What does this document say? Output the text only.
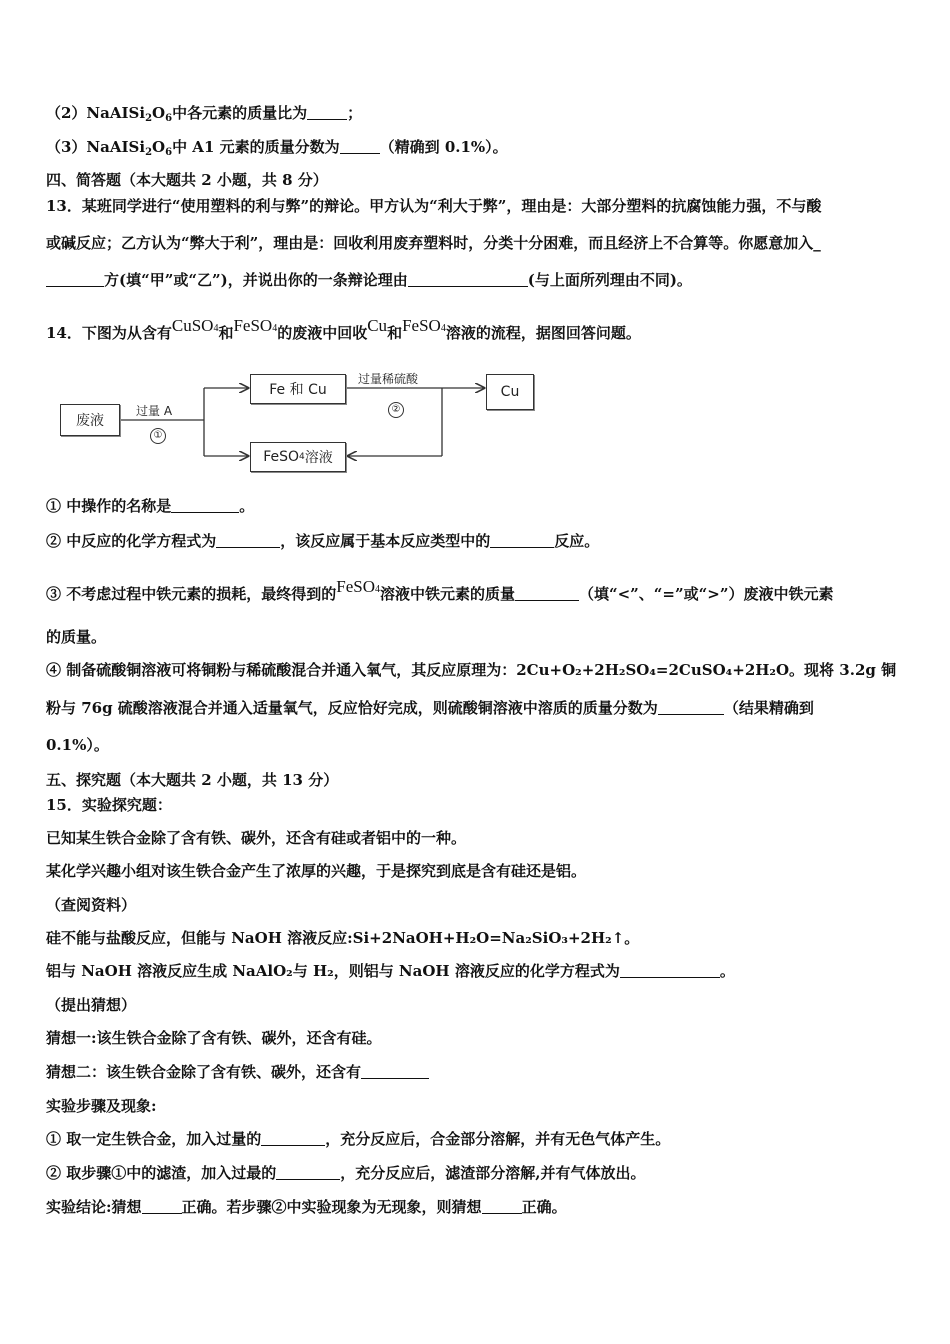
$(2)NaAISi_2O_6$中各元素的质量比为	；
$(3)NaAISi_2O_6$中 A1 元素的质量分数为	（精确到 0.1%）。
四、简答题（本大题共 2 小题，共 8 分）
13．某班同学进行“使用塑料的利与弊”的辩论。甲方认为“利大于弊”，理由是：大部分塑料的抗腐蚀能力强，不与酸
或碱反应；乙方认为“弊大于利”，理由是：回收利用废弃塑料时，分类十分困难，而且经济上不合算等。你愿意加入_
方(填“甲”或“乙”)，并说出你的一条辩论理由	(与上面所列理由不同)。
14．下图为从含有CuSO4和FeSO4的废液中回收Cu和FeSO4溶液的流程，据图回答问题。
废液
过量 A
①
Fe 和 Cu
过量稀硫酸
②
Cu
FeSO 4 溶液
① 中操作的名称是	。
② 中反应的化学方程式为	，该反应属于基本反应类型中的	反应。
③ 不考虑过程中铁元素的损耗，最终得到的FeSO4溶液中铁元素的质量	（填“<”、“=”或“>”）废液中铁元素
的质量。
④ 制备硫酸铜溶液可将铜粉与稀硫酸混合并通入氧气，其反应原理为：2Cu+O₂+2H₂SO₄=2CuSO₄+2H₂O。现将 3.2g 铜
粉与 76g 硫酸溶液混合并通入适量氧气，反应恰好完成，则硫酸铜溶液中溶质的质量分数为	（结果精确到
0.1%）。
五、探究题（本大题共 2 小题，共 13 分）
15．实验探究题：
已知某生铁合金除了含有铁、碳外，还含有硅或者铝中的一种。
某化学兴趣小组对该生铁合金产生了浓厚的兴趣，于是探究到底是含有硅还是铝。
（查阅资料）
硅不能与盐酸反应，但能与 NaOH 溶液反应:Si+2NaOH+H₂O=Na₂SiO₃+2H₂↑。
铝与 NaOH 溶液反应生成 NaAlO₂与 H₂，则铝与 NaOH 溶液反应的化学方程式为	。
（提出猜想）
猜想一:该生铁合金除了含有铁、碳外，还含有硅。
猜想二：该生铁合金除了含有铁、碳外，还含有
实验步骤及现象:
① 取一定生铁合金，加入过量的	，充分反应后，合金部分溶解，并有无色气体产生。
② 取步骤①中的滤渣，加入过最的	，充分反应后，滤渣部分溶解,并有气体放出。
实验结论:猜想	正确。若步骤②中实验现象为无现象，则猜想	正确。
